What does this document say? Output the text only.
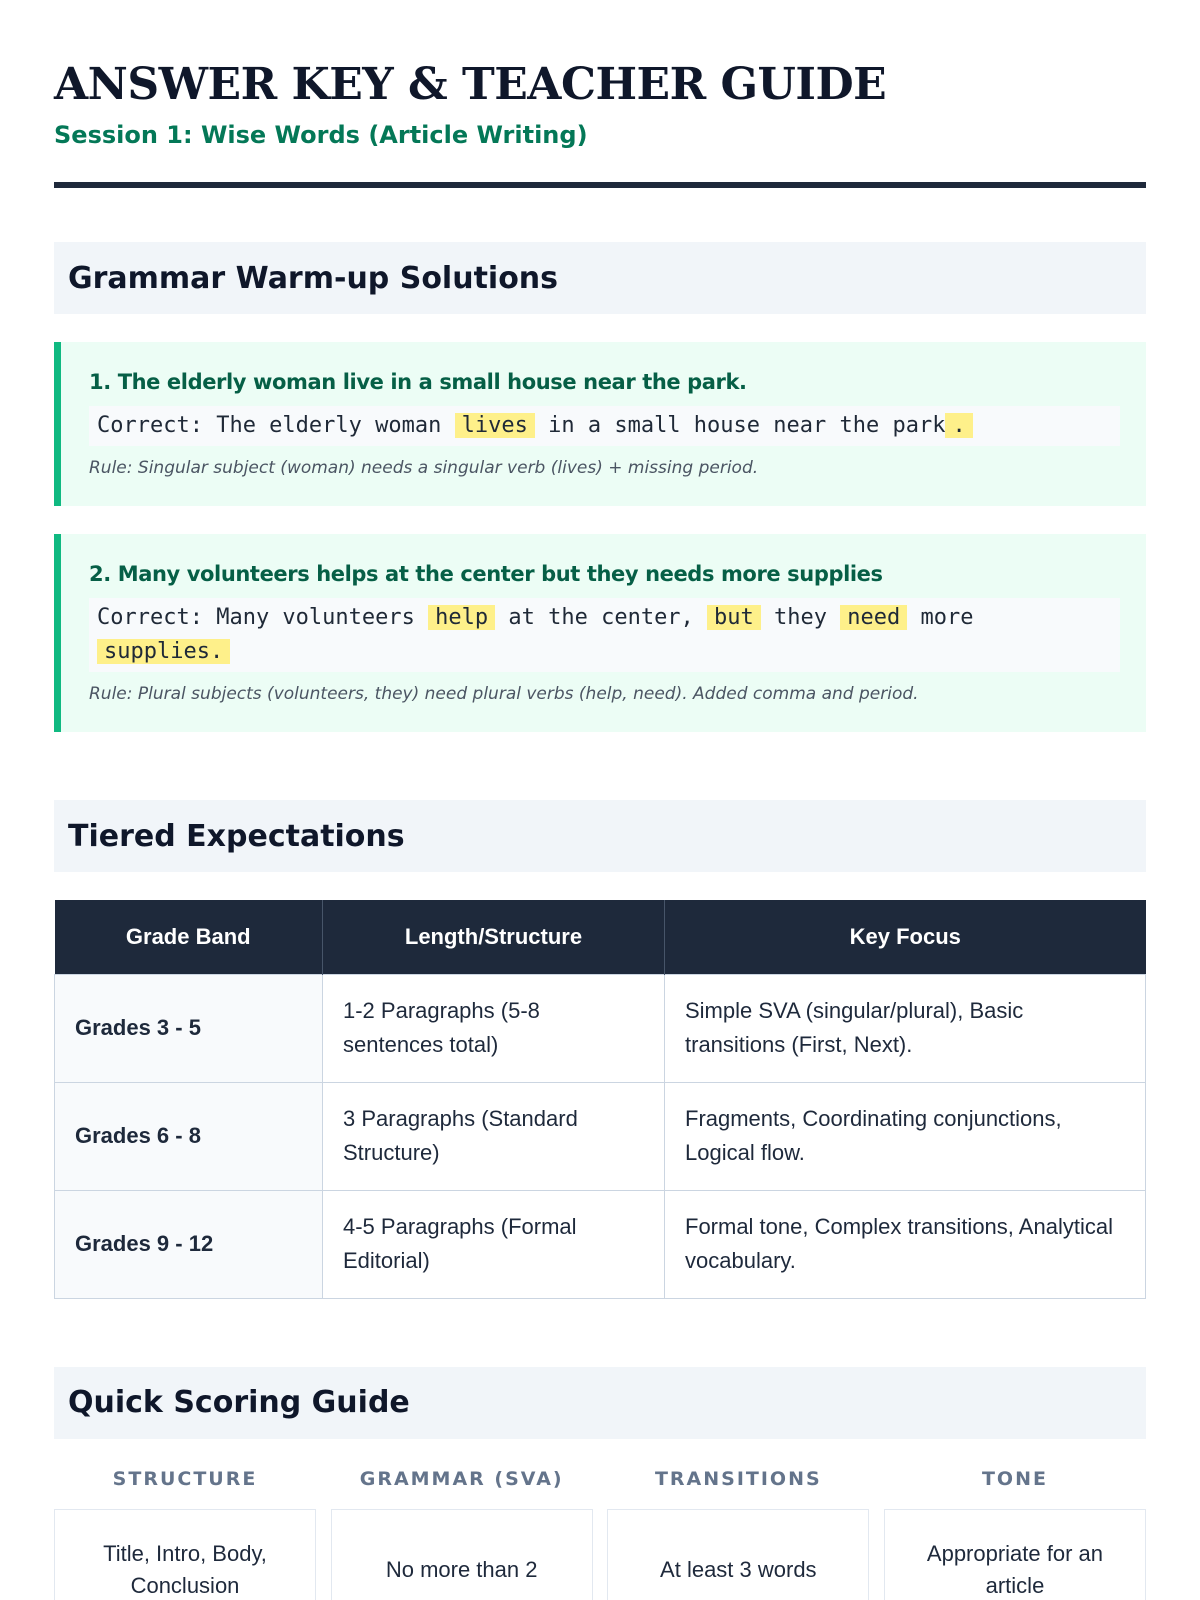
ANSWER KEY & TEACHER GUIDE
Session 1: Wise Words (Article Writing)
Grammar Warm-up Solutions
1. The elderly woman live in a small house near the park.
Correct: The elderly woman lives in a small house near the park .
Rule: Singular subject (woman) needs a singular verb (lives) + missing period.
2. Many volunteers helps at the center but they needs more supplies
Correct: Many volunteers help at the center, but they need more supplies.
Rule: Plural subjects (volunteers, they) need plural verbs (help, need). Added comma and period.
Tiered Expectations
Grade Band	Length/Structure	Key Focus
Grades 3 - 5	1-2 Paragraphs (5-8 sentences total)	Simple SVA (singular/plural), Basic transitions (First, Next).
Grades 6 - 8	3 Paragraphs (Standard Structure)	Fragments, Coordinating conjunctions, Logical flow.
Grades 9 - 12	4-5 Paragraphs (Formal Editorial)	Formal tone, Complex transitions, Analytical vocabulary.
Quick Scoring Guide
STRUCTURE
Title, Intro, Body, Conclusion
GRAMMAR (SVA)
No more than 2
TRANSITIONS
At least 3 words
TONE
Appropriate for an article
